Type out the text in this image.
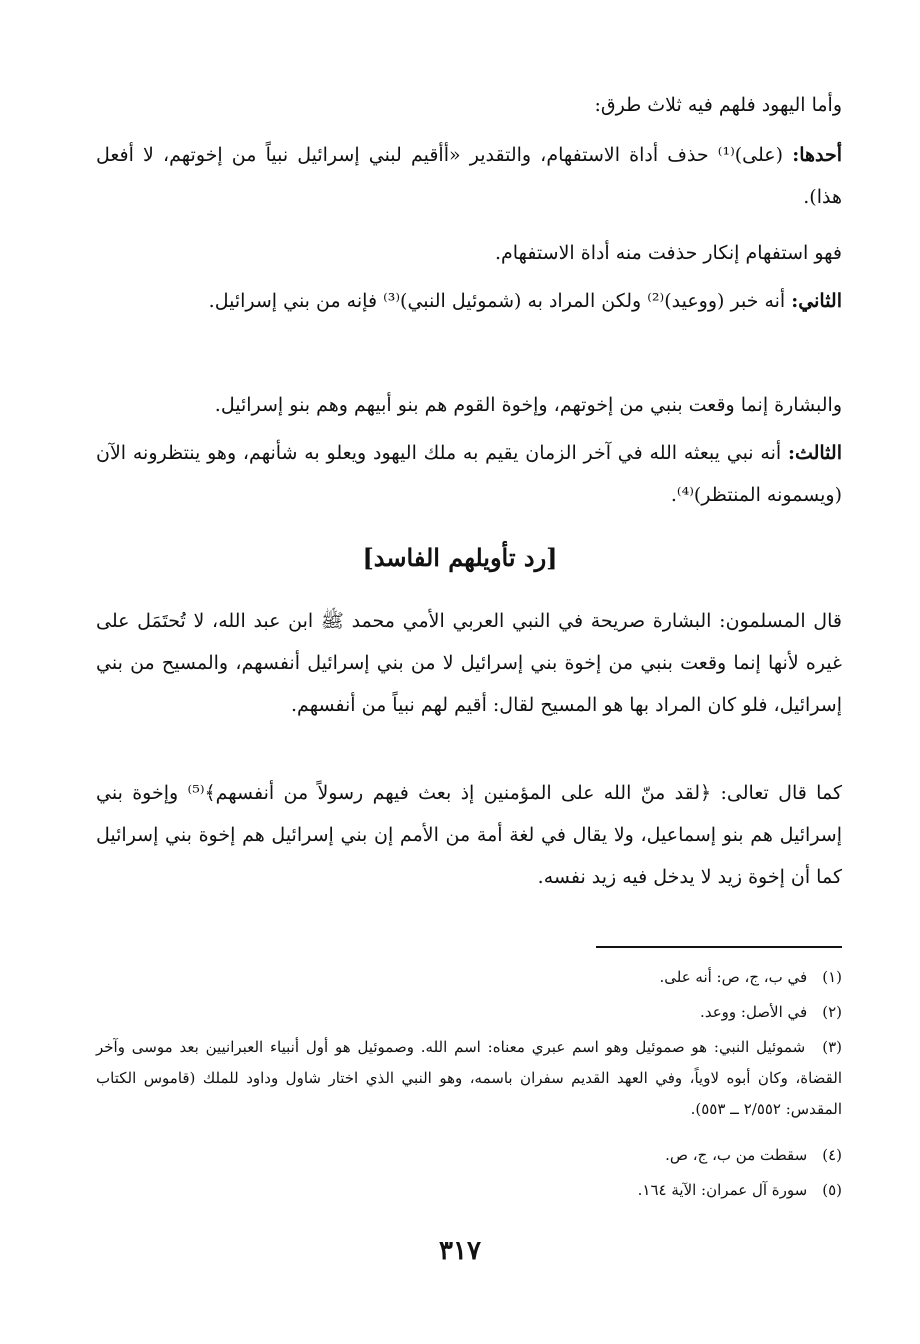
وأما اليهود فلهم فيه ثلاث طرق:

أحدها: (على)⁽¹⁾ حذف أداة الاستفهام، والتقدير «أأقيم لبني إسرائيل نبياً من إخوتهم، لا أفعل هذا).

فهو استفهام إنكار حذفت منه أداة الاستفهام.

الثاني: أنه خبر (ووعيد)⁽²⁾ ولكن المراد به (شموئيل النبي)⁽³⁾ فإنه من بني إسرائيل.

والبشارة إنما وقعت بنبي من إخوتهم، وإخوة القوم هم بنو أبيهم وهم بنو إسرائيل.

الثالث: أنه نبي يبعثه الله في آخر الزمان يقيم به ملك اليهود ويعلو به شأنهم، وهو ينتظرونه الآن (ويسمونه المنتظر)⁽⁴⁾.

[رد تأويلهم الفاسد]

قال المسلمون: البشارة صريحة في النبي العربي الأمي محمد ﷺ ابن عبد الله، لا تُحتَمَل على غيره لأنها إنما وقعت بنبي من إخوة بني إسرائيل لا من بني إسرائيل أنفسهم، والمسيح من بني إسرائيل، فلو كان المراد بها هو المسيح لقال: أقيم لهم نبياً من أنفسهم.

كما قال تعالى: ﴿لقد منّ الله على المؤمنين إذ بعث فيهم رسولاً من أنفسهم﴾⁽⁵⁾ وإخوة بني إسرائيل هم بنو إسماعيل، ولا يقال في لغة أمة من الأمم إن بني إسرائيل هم إخوة بني إسرائيل كما أن إخوة زيد لا يدخل فيه زيد نفسه.

(١) في ب، ج، ص: أنه على.
(٢) في الأصل: ووعد.
(٣) شموئيل النبي: هو صموئيل وهو اسم عبري معناه: اسم الله. وصموئيل هو أول أنبياء العبرانيين بعد موسى وآخر القضاة، وكان أبوه لاوياً، وفي العهد القديم سفران باسمه، وهو النبي الذي اختار شاول وداود للملك (قاموس الكتاب المقدس: ٢/٥٥٢ ــ ٥٥٣).
(٤) سقطت من ب، ج، ص.
(٥) سورة آل عمران: الآية ١٦٤.
٣١٧
